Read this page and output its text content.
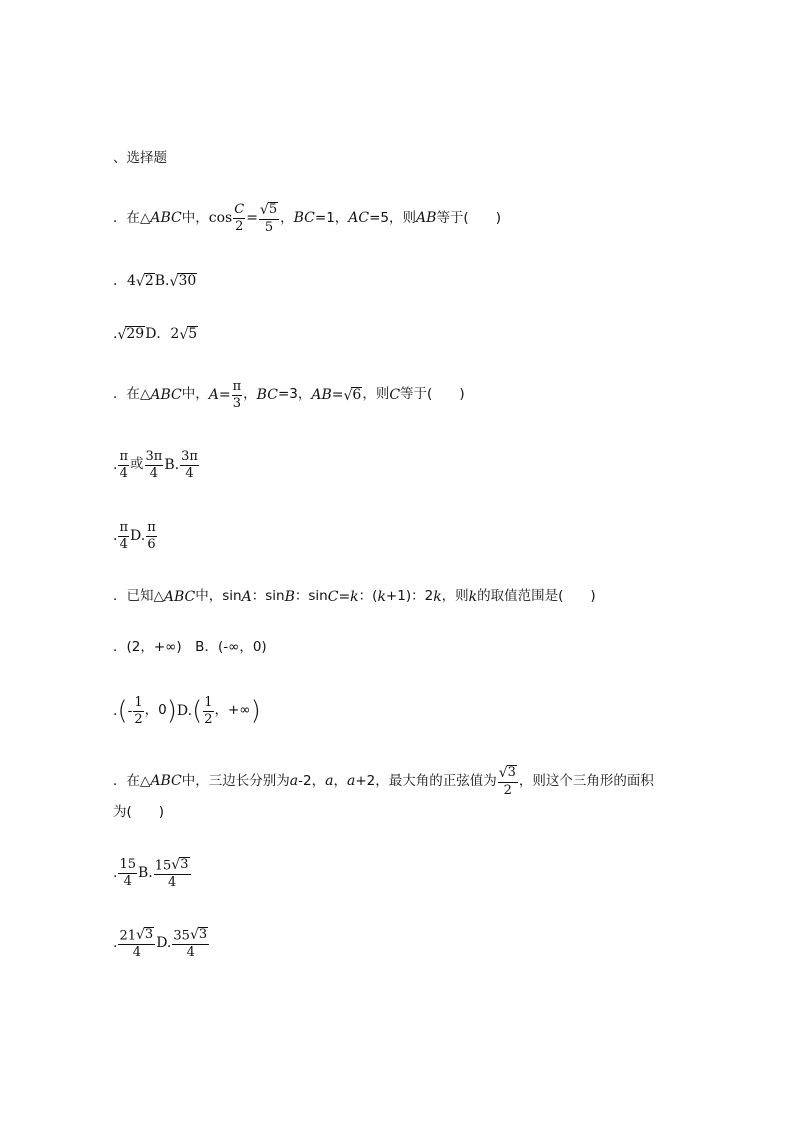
、选择题
．在△ ABC 中， $\cos \frac{C}{2} = \frac{√ 5}{5}$ ， BC =1， AC =5，则 AB 等于(　　)
．4 √ 2 B. √ 30
. √ 29 D．2 √ 5
．在△ ABC 中， $A = \frac{\pi}{3}$ ， BC =3， AB = √ 6 ，则 C 等于(　　)
. $\frac{\pi}{4}$ 或 $\frac{3\pi}{4} B$. $\frac{3\pi}{4}$
. $\frac{\pi}{4} D$. $\frac{\pi}{6}$
．已知△ ABC 中，sin A ：sin B ：sin C = k ：( k +1)：2 k ，则 k 的取值范围是(　　)
．(2，+∞)　B．(-∞，0)
. ( - $\frac{1}{2}$ ，0 ) D. ( $\frac{1}{2}$ ，+∞ )
．在△ ABC 中，三边长分别为 a -2， a ， a +2，最大角的正弦值为 $\frac{√ 3}{2}$ ，则这个三角形的面积
为(　　)
. $\frac{15}{4} B$. $\frac{15 √ 3}{4}$
. $\frac{21 √ 3}{4} D$. $\frac{35 √ 3}{4}$
